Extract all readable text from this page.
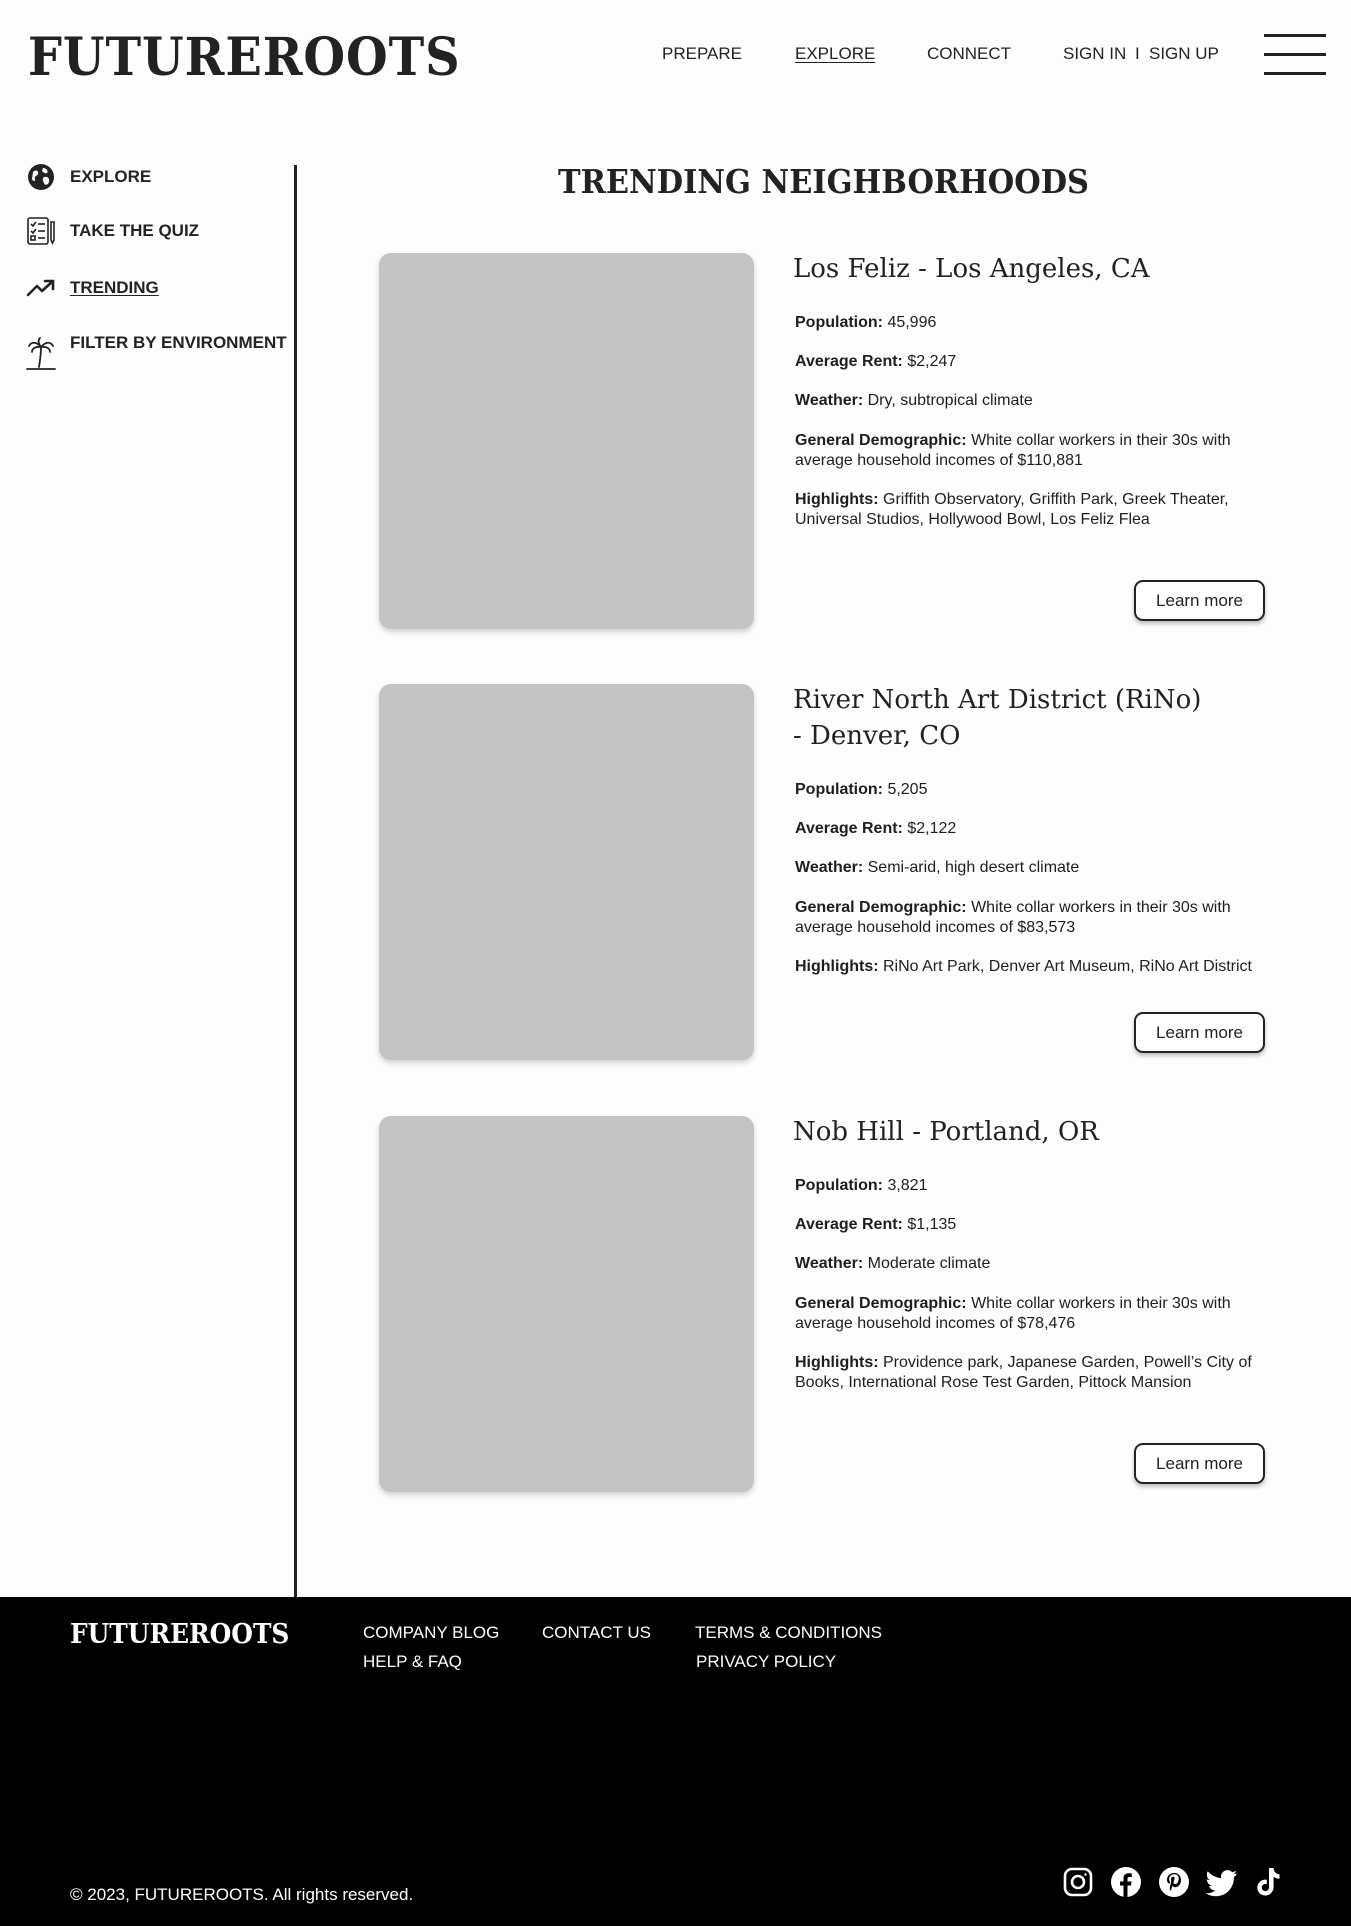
FUTUREROOTS	PREPARE	EXPLORE	CONNECT	SIGN IN I SIGN UP
EXPLORE
TAKE THE QUIZ
TRENDING
FILTER BY ENVIRONMENT
TRENDING NEIGHBORHOODS
Los Feliz - Los Angeles, CA
Population: 45,996
Average Rent: $2,247
Weather: Dry, subtropical climate
General Demographic: White collar workers in their 30s with average household incomes of $110,881
Highlights: Griffith Observatory, Griffith Park, Greek Theater, Universal Studios, Hollywood Bowl, Los Feliz Flea
Learn more
River North Art District (RiNo) - Denver, CO
Population: 5,205
Average Rent: $2,122
Weather: Semi-arid, high desert climate
General Demographic: White collar workers in their 30s with average household incomes of $83,573
Highlights: RiNo Art Park, Denver Art Museum, RiNo Art District
Learn more
Nob Hill - Portland, OR
Population: 3,821
Average Rent: $1,135
Weather: Moderate climate
General Demographic: White collar workers in their 30s with average household incomes of $78,476
Highlights: Providence park, Japanese Garden, Powell’s City of Books, International Rose Test Garden, Pittock Mansion
Learn more
FUTUREROOTS	COMPANY BLOG
HELP & FAQ
CONTACT US	TERMS & CONDITIONS
PRIVACY POLICY
© 2023, FUTUREROOTS. All rights reserved.
